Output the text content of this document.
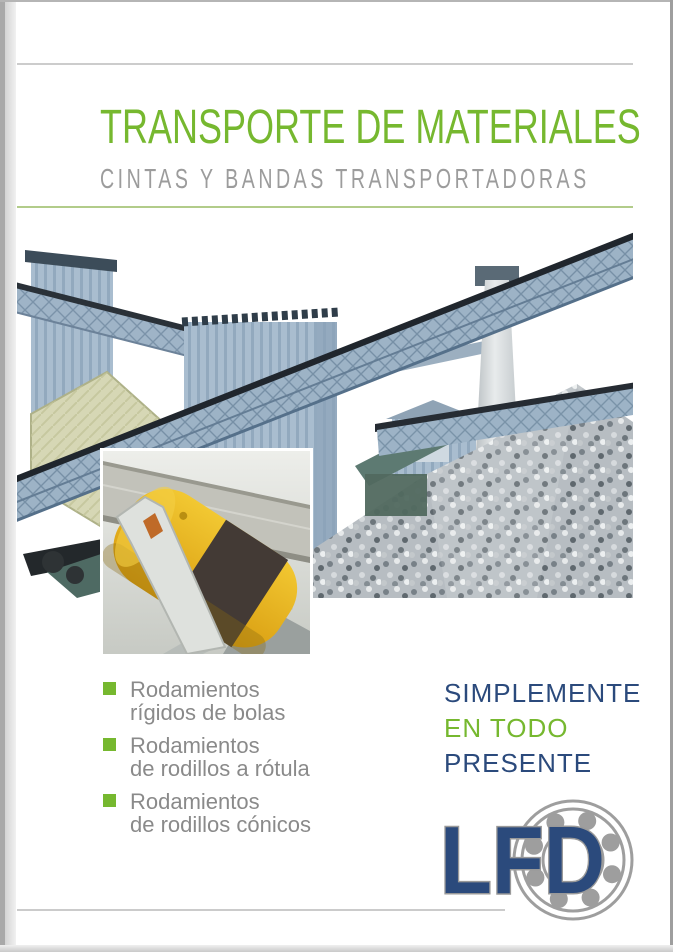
TRANSPORTE DE MATERIALES
CINTAS Y BANDAS TRANSPORTADORAS
Rodamientos
rígidos de bolas
Rodamientos
de rodillos a rótula
Rodamientos
de rodillos cónicos
SIMPLEMENTE
EN TODO
PRESENTE
LFD
